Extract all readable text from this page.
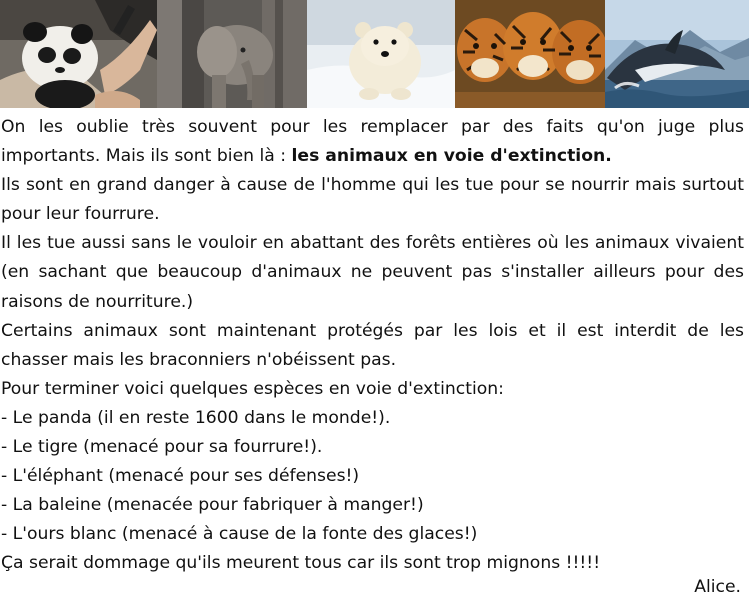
On les oublie très souvent pour les remplacer par des faits qu'on juge plus importants. Mais ils sont bien là : les animaux en voie d'extinction.

Ils sont en grand danger à cause de l'homme qui les tue pour se nourrir mais surtout pour leur fourrure.

Il les tue aussi sans le vouloir en abattant des forêts entières où les animaux vivaient (en sachant que beaucoup d'animaux ne peuvent pas s'installer ailleurs pour des raisons de nourriture.)

Certains animaux sont maintenant protégés par les lois et il est interdit de les chasser mais les braconniers n'obéissent pas.

Pour terminer voici quelques espèces en voie d'extinction:

- Le panda (il en reste 1600 dans le monde!).

- Le tigre (menacé pour sa fourrure!).

- L'éléphant (menacé pour ses défenses!)

- La baleine (menacée pour fabriquer à manger!)

- L'ours blanc (menacé à cause de la fonte des glaces!)

Ça serait dommage qu'ils meurent tous car ils sont trop mignons !!!!!

Alice.
